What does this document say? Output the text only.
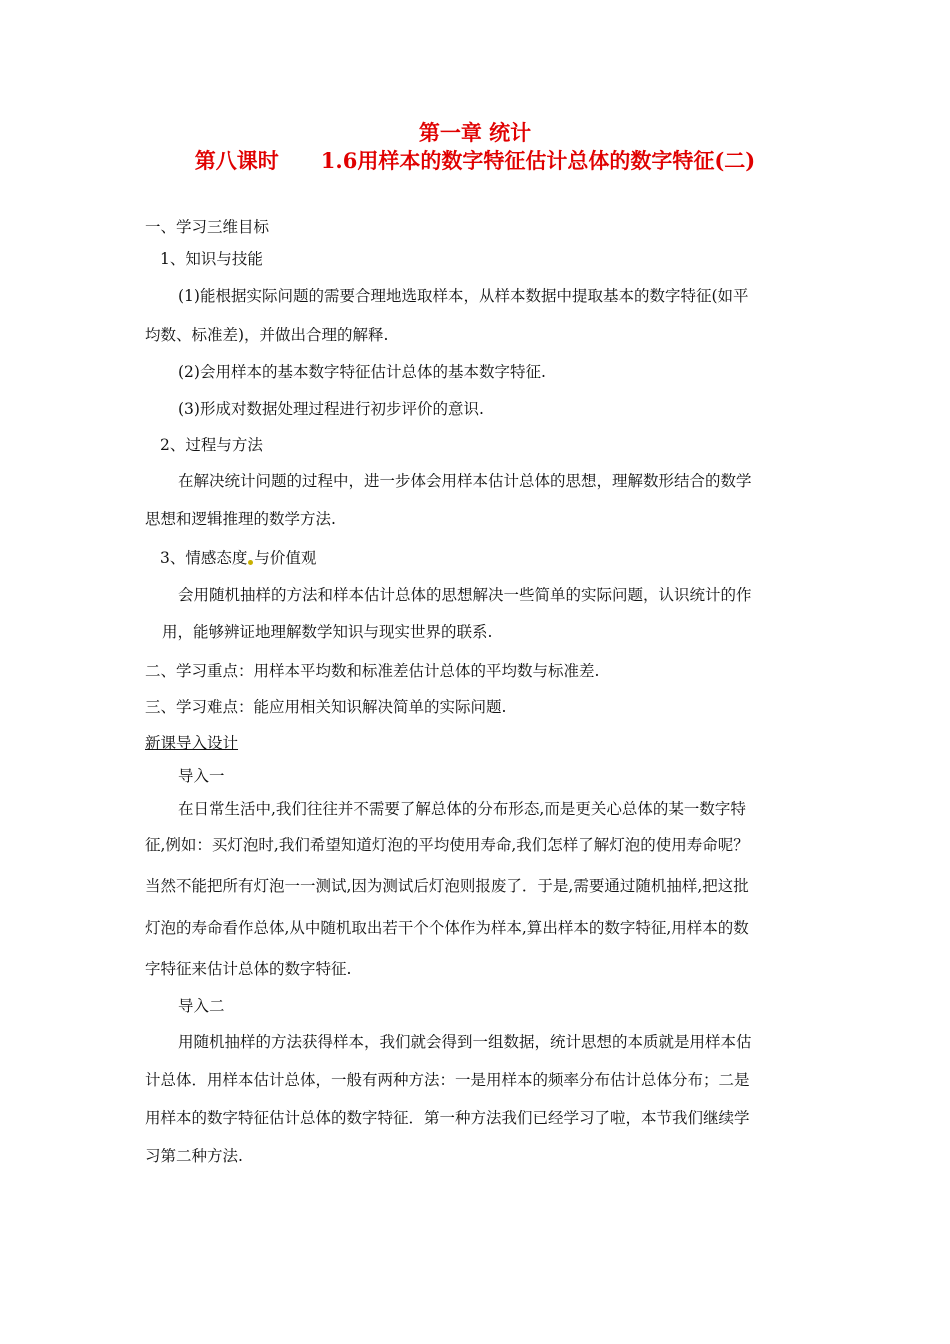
第一章 统计
第八课时　　1.6用样本的数字特征估计总体的数字特征(二)
一、学习三维目标
1、知识与技能
(1)能根据实际问题的需要合理地选取样本，从样本数据中提取基本的数字特征(如平
均数、标准差)，并做出合理的解释.
(2)会用样本的基本数字特征估计总体的基本数字特征.
(3)形成对数据处理过程进行初步评价的意识.
2、过程与方法
在解决统计问题的过程中，进一步体会用样本估计总体的思想，理解数形结合的数学
思想和逻辑推理的数学方法.
3、情感态度 与价值观
会用随机抽样的方法和样本估计总体的思想解决一些简单的实际问题，认识统计的作
用，能够辨证地理解数学知识与现实世界的联系.
二、学习重点：用样本平均数和标准差估计总体的平均数与标准差.
三、学习难点：能应用相关知识解决简单的实际问题.
新课导入设计
导入一
在日常生活中,我们往往并不需要了解总体的分布形态,而是更关心总体的某一数字特
征,例如：买灯泡时,我们希望知道灯泡的平均使用寿命,我们怎样了解灯泡的使用寿命呢？
当然不能把所有灯泡一一测试,因为测试后灯泡则报废了．于是,需要通过随机抽样,把这批
灯泡的寿命看作总体,从中随机取出若干个个体作为样本,算出样本的数字特征,用样本的数
字特征来估计总体的数字特征.
导入二
用随机抽样的方法获得样本，我们就会得到一组数据，统计思想的本质就是用样本估
计总体．用样本估计总体，一般有两种方法：一是用样本的频率分布估计总体分布；二是
用样本的数字特征估计总体的数字特征．第一种方法我们已经学习了啦，本节我们继续学
习第二种方法.
